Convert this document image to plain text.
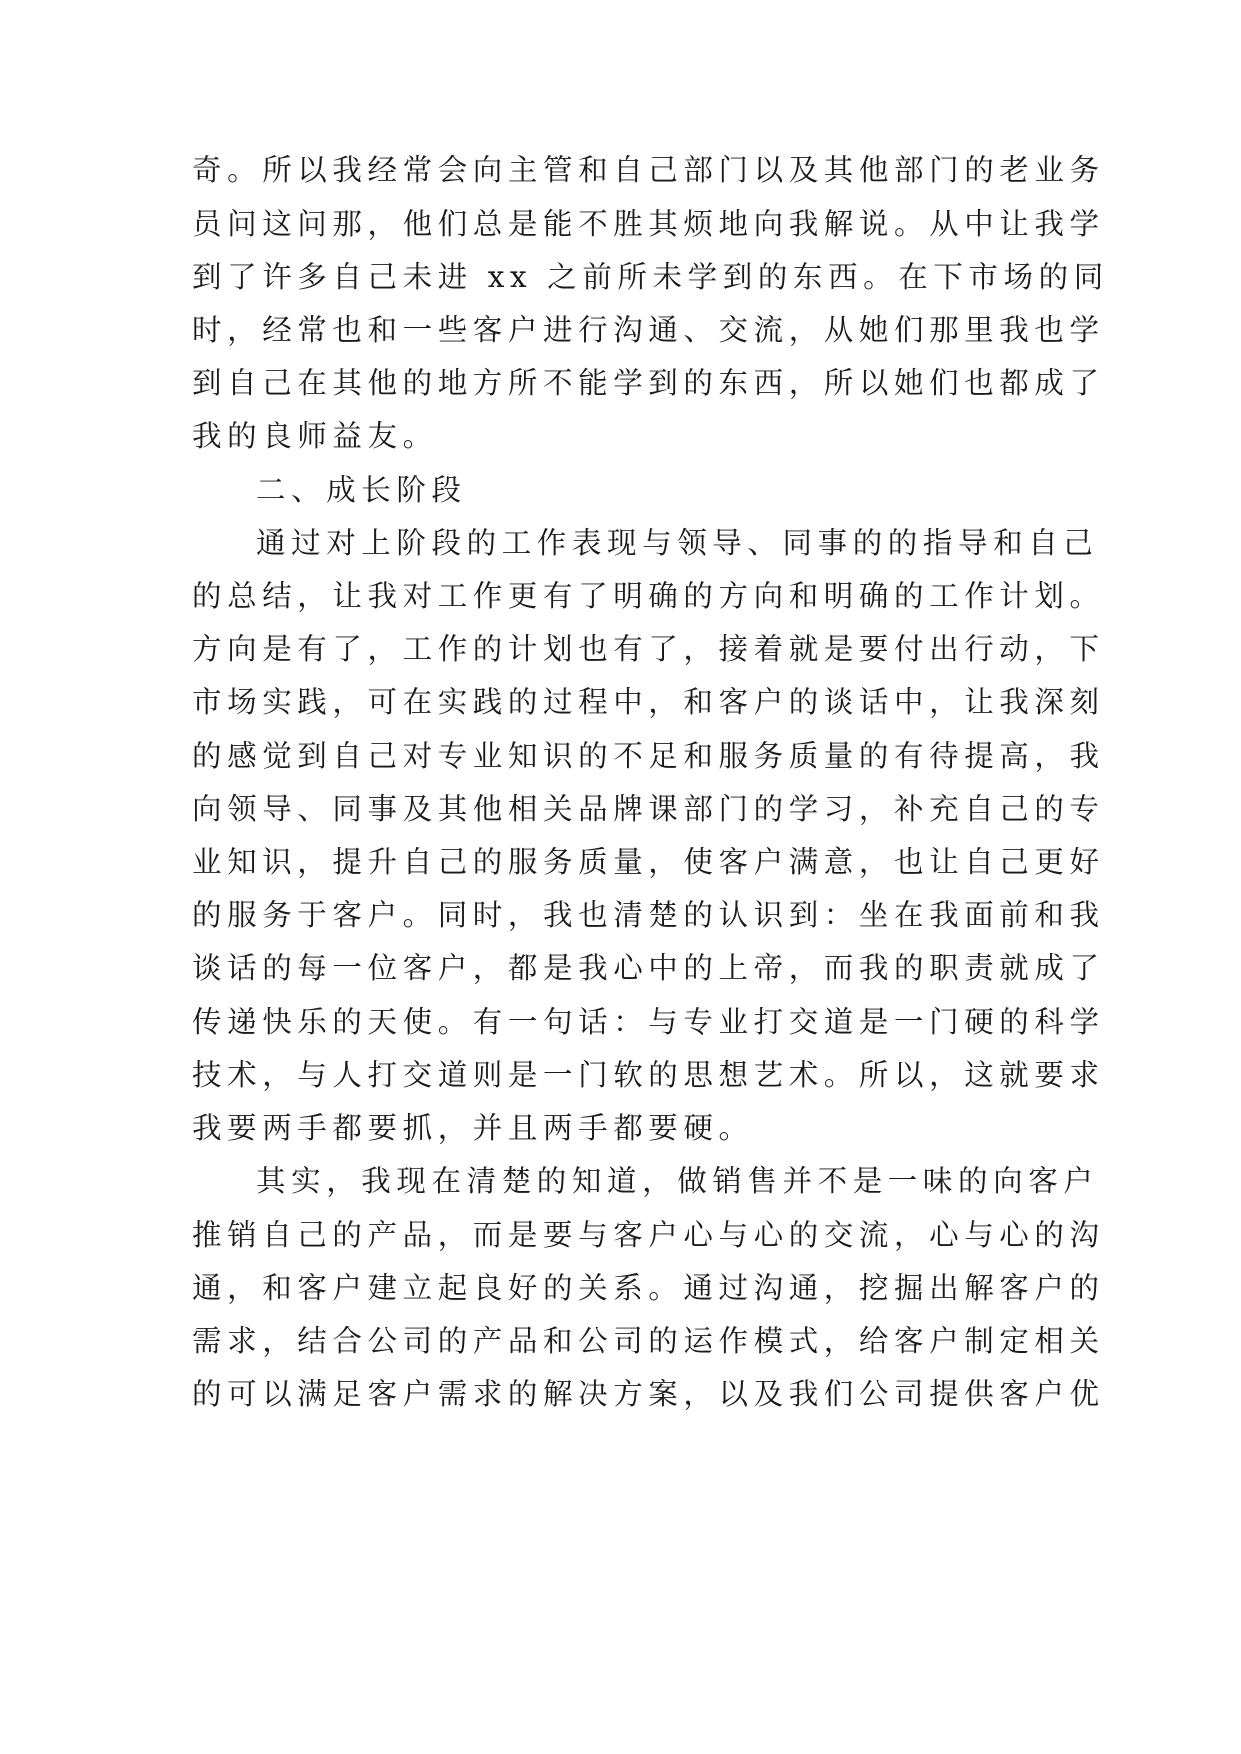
奇。所以我经常会向主管和自己部门以及其他部门的老业务

员问这问那，他们总是能不胜其烦地向我解说。从中让我学

到了许多自己未进 xx 之前所未学到的东西。在下市场的同

时，经常也和一些客户进行沟通、交流，从她们那里我也学

到自己在其他的地方所不能学到的东西，所以她们也都成了

我的良师益友。

二、成长阶段

通过对上阶段的工作表现与领导、同事的的指导和自己

的总结，让我对工作更有了明确的方向和明确的工作计划。

方向是有了，工作的计划也有了，接着就是要付出行动，下

市场实践，可在实践的过程中，和客户的谈话中，让我深刻

的感觉到自己对专业知识的不足和服务质量的有待提高，我

向领导、同事及其他相关品牌课部门的学习，补充自己的专

业知识，提升自己的服务质量，使客户满意，也让自己更好

的服务于客户。同时，我也清楚的认识到：坐在我面前和我

谈话的每一位客户，都是我心中的上帝，而我的职责就成了

传递快乐的天使。有一句话：与专业打交道是一门硬的科学

技术，与人打交道则是一门软的思想艺术。所以，这就要求

我要两手都要抓，并且两手都要硬。

其实，我现在清楚的知道，做销售并不是一味的向客户

推销自己的产品，而是要与客户心与心的交流，心与心的沟

通，和客户建立起良好的关系。通过沟通，挖掘出解客户的

需求，结合公司的产品和公司的运作模式，给客户制定相关

的可以满足客户需求的解决方案，以及我们公司提供客户优
